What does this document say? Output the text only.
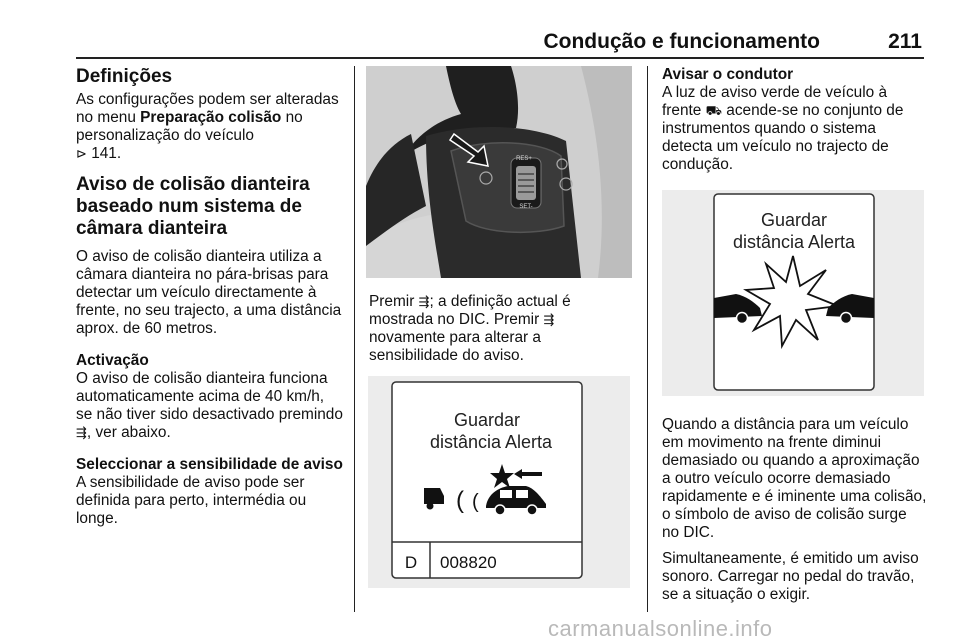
Condução e funcionamento	211
Definições

As configurações podem ser alteradas no menu Preparação colisão no personalização do veículo
⊳ 141.

Aviso de colisão dianteira baseado num sistema de câmara dianteira

O aviso de colisão dianteira utiliza a câmara dianteira no pára-brisas para detectar um veículo directamente à frente, no seu trajecto, a uma distância aprox. de 60 metros.

Activação

O aviso de colisão dianteira funciona automaticamente acima de 40 km/h, se não tiver sido desactivado premindo ⇶, ver abaixo.

Seleccionar a sensibilidade de aviso

A sensibilidade de aviso pode ser definida para perto, intermédia ou longe.

RES+
SET-

Premir ⇶; a definição actual é mostrada no DIC. Premir ⇶ novamente para alterar a sensibilidade do aviso.

Guardar
distância Alerta
( (
D 008820
Avisar o condutor

A luz de aviso verde de veículo à frente ⛟ acende-se no conjunto de instrumentos quando o sistema detecta um veículo no trajecto de condução.

Guardar
distância Alerta

Quando a distância para um veículo em movimento na frente diminui demasiado ou quando a aproximação a outro veículo ocorre demasiado rapidamente e é iminente uma colisão, o símbolo de aviso de colisão surge no DIC.

Simultaneamente, é emitido um aviso sonoro. Carregar no pedal do travão, se a situação o exigir.

carmanualsonline.info
